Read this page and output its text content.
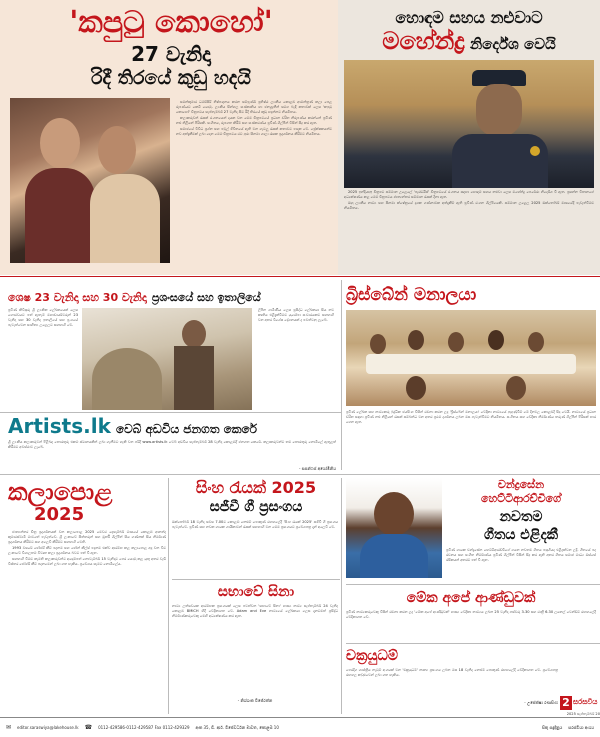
'කපුටු කොහෝ'
27 වැනිදා
රිදී තිරයේ කුඩු හදයි

සමන්කුමාර ධර්මසිරි නිෂ්පාදනය කරන සම්පූර්ණ ප්‍රතිෂ්ඨ ලාංකීය කොළඹ ආමන්ත්‍රණ කලා පෙළ රූපණයට කෙටි යොමු. ලාංකීය සින්හල සංස්කෘතිය හා ජනශ්‍රැතීන් සමග බැඳී කතාවක් ලෙස 'කපුටු කොහෝ' චිත්‍රපටය සැප්තැම්බර් 27 වැනිදා සිට රිදී තිරයේ කුඩු හදන්නට නියමිතය.

කලාකරුවන් රැසක් රංගනයෙන් දායක වන මෙම චිත්‍රපටයේ ප්‍රධාන චරිත නිරූපණය කරන්නේ ප්‍රවීණ නළු නිළියන් පිරිසකි. සංගීතය, රූපගත කිරීම් සහ සංස්කරණය ප්‍රවීණ ශිල්පීන් විසින් සිදු කර ඇත.

සමාජයේ විවිධ ප්‍රශ්න සහ පවුල් ජීවිතයේ ඇති වන ගැටලු රැසක් කතාවට පාදක වේ. ප්‍රේක්ෂකයන්ට නව අත්දැකීමක් ලබා දෙන මෙම චිත්‍රපටය රට පුරා සිනමා ශාලා රැසක ප්‍රදර්ශනය කිරීමට නියමිතය.

හොඳම සහය නළුවාට
මහේන්ද්‍ර නිර්දේශ වෙයි

2025 ඉන්දියානු චිත්‍රපට සම්මාන උළෙලේ 'පැරඩයිස්' චිත්‍රපටයේ රංගනය සඳහා හොඳම සහය නළුවා ලෙස මහේන්ද්‍ර පෙරේරා නිර්දේශ වී ඇත. ප්‍රසන්න විතානගේ අධ්‍යක්ෂණය කළ මෙම චිත්‍රපටය ජාත්‍යන්තර සම්මාන රැසක් දිනා ඇත.

ඔහු ලාංකීය නාට්‍ය සහ සිනමා ක්ෂේත්‍රයේ දශක ගණනාවක අත්දැකීම් ඇති ප්‍රවීණ රංගන ශිල්පියෙකි. සම්මාන උළෙල 2025 ඔක්තෝබර් මාසයේදී පැවැත්වීමට නියමිතය.

ශෙෂ 23 වැනිදා සහ 30 වැනිදා ප්‍රශංසයේ සහ ඉතාලියේ
ප්‍රවීණ කිවිසුරු ශ්‍රී ලාංකික ලේඛකයෙක් ලෙස ගෞරවයට පත් ඇතැම් මහාචාර්යවරුන් 23 වැනිදා සහ 30 වැනිදා ඉතාලියේ සහ ප්‍රංශයේ පැවැත්වෙන සාහිත්‍ය උළෙලට සහභාගි වේ.
ලිපින ගාමිණිය ලෙස ප්‍රසිද්ධ ලේඛකයා සිය නව කෘතිය එළිදැක්වීමට යුරෝපා සංචාරයකට සහභාගි වන අතර විශේෂ දේශනයක් ද පවත්වනු ලැබේ.
බ්‍රිස්බේන් මනාලයා
ප්‍රවීණ ලේඛක සහ නාට්‍යකරු බුද්ධික ජයසිංහ විසින් රචනා කරන ලද 'බ්‍රිස්බේන් මනාලයා' වේදිකා නාට්‍යයේ පුහුණුවීම් මේ දිනවල කොළඹදී සිදු වෙයි. නාට්‍යයේ ප්‍රධාන චරිත සඳහා ප්‍රවීණ නළු නිළියන් රැසක් සම්බන්ධ වන අතර ප්‍රථම දර්ශනය ලබන මස පැවැත්වීමට නියමිතය. සංගීතය සහ වේදිකා නිර්මාණය තරුණ ශිල්පීන් පිරිසක් භාර ගෙන ඇත.
Artists.lk වෙබ් අඩවිය ජනගත කෙරේ
ශ්‍රී ලාංකීය කලාකරුවන් පිළිබඳ තොරතුරු එකම ස්ථානයකින් ලබා ගැනීමට හැකි වන පරිදි www.artists.lk වෙබ් අඩවිය සැප්තැම්බර් 28 වැනිදා කොළඹදී ජනගත කෙරේ. කලාකරුවන්ට තම තොරතුරු නොමිලේ ඇතුළත් කිරීමට අවස්ථාව ලැබේ.
- සසන්ෆස් අයෝමිනිය
කලාපොළ
2025

ජාත්‍යන්තර චිත්‍ර ප්‍රදර්ශනයක් වන කලාපොළ 2025 මෙවර දෙසැම්බර් මාසයේ කොළඹ ආනන්ද කුමාරස්වාමි මාවතේ පැවැත්වේ. ශ්‍රී ලංකාවේ සිත්තරුන් සහ මූර්ති ශිල්පීන් සිය ගණනක් සිය නිර්මාණ ප්‍රදර්ශනය කිරීමට සහ අලෙවි කිරීමට සහභාගි වෙති.

1993 වසරේ ජෝර්ජ් කීට් පදනම සහ ජෝන් කීල්ස් පදනම එක්ව ආරම්භ කළ කලාපොළ අද වන විට ලංකාවේ විශාලතම විවෘත කලා ප්‍රදර්ශනය බවට පත් වී ඇත.

සහභාගි වීමට කැමති කලාකරුවන්ට අයදුම්පත් නොවැම්බර් 15 වැනිදාට පෙර යොමු කළ යුතු අතර වැඩි විස්තර ජෝර්ජ් කීට් පදනමෙන් ලබා ගත හැකිය. ප්‍රවේශය සැමට නොමිලේය.

සිංහ රැයක් 2025
සජීවී ගී ප්‍රසංගය
ඔක්තෝබර් 18 වැනිදා සවස 7.00ට කොළඹ නෙළුම් පොකුණ රඟහලේදී 'සිංහ රැයක් 2025' සජීවී ගී ප්‍රසංගය පැවැත්වේ. ප්‍රවීණ සහ නවක ගායක ගායිකාවන් රැසක් සහභාගි වන මෙම ප්‍රසංගයට ප්‍රවේශපත්‍ර දැන් අලෙවි වේ.
සභාවේ සිනා
නාට්‍ය උත්සවයක ආරම්භක ප්‍රසංගයක් ලෙස පවත්වන 'සභාවේ සිනා' හාස්‍ය නාට්‍ය සැප්තැම්බර් 24 වැනිදා කොළඹ BMICH හිදී වේදිකාගත වේ. Adam and Eve නාට්‍යයේ ලේඛකයා ලෙස දැනටමත් ප්‍රසිද්ධ නිර්මාණකරුවෙකු මෙහි අධ්‍යක්ෂණය කර ඇත.
- නිශ්ශංක විජේරත්න
චන්ද්‍රසේන
හෙට්ටිආරච්චිගේ
නවතම
ගීතය එළිදකී
ප්‍රවීණ ගායක චන්ද්‍රසේන හෙට්ටිආරච්චිගේ ගයන නවතම ගීතය පසුගියදා එළිදක්වන ලදී. ගීතයේ පද රචනය සහ සංගීත නිර්මාණය ප්‍රවීණ ශිල්පීන් විසින් සිදු කර ඇති අතර ගීතය සමාජ මාධ්‍ය ඔස්සේ රසිකයන් අතරට පත් වී ඇත.
මේක අපේ ආණ්ඩුවක්
ප්‍රවීණ නාට්‍යකරුවෙකු විසින් රචනා කරන ලද 'මේක අපේ ආණ්ඩුවක්' හාස්‍ය වේදිකා නාට්‍යය ලබන 25 වැනිදා පස්වරු 3.30 සහ රාත්‍රී 6.30 ලයනල් වෙන්ඩ්ට් රඟහලේදී වේදිකාගත වේ.
චක්‍රයුධම්
පෙරදිග ශාස්ත්‍රීය නැටුම් අංගයක් වන 'චක්‍රයුධම්' නෘත්‍ය ප්‍රසංගය ලබන මස 18 වැනිදා නෙළුම් පොකුණ රඟහලේදී වේදිකාගත වේ. ප්‍රවේශපත්‍ර රඟහල කවුළුවෙන් ලබා ගත හැකිය.
- උපේක්ෂා රණසිංහ 2 සරසවිය
2025 සැප්තැම්බර් 20
✉ editor.saraswiya@lakehouse.lk ☎ 0112-429586-0112-429587 Fax 0112-429329 අංක 35, ඩී. ආර්. විජේවර්ධන මාවත, කොළඹ 10	සිකු සඳුදිනුය සරස්වියා අංශය
